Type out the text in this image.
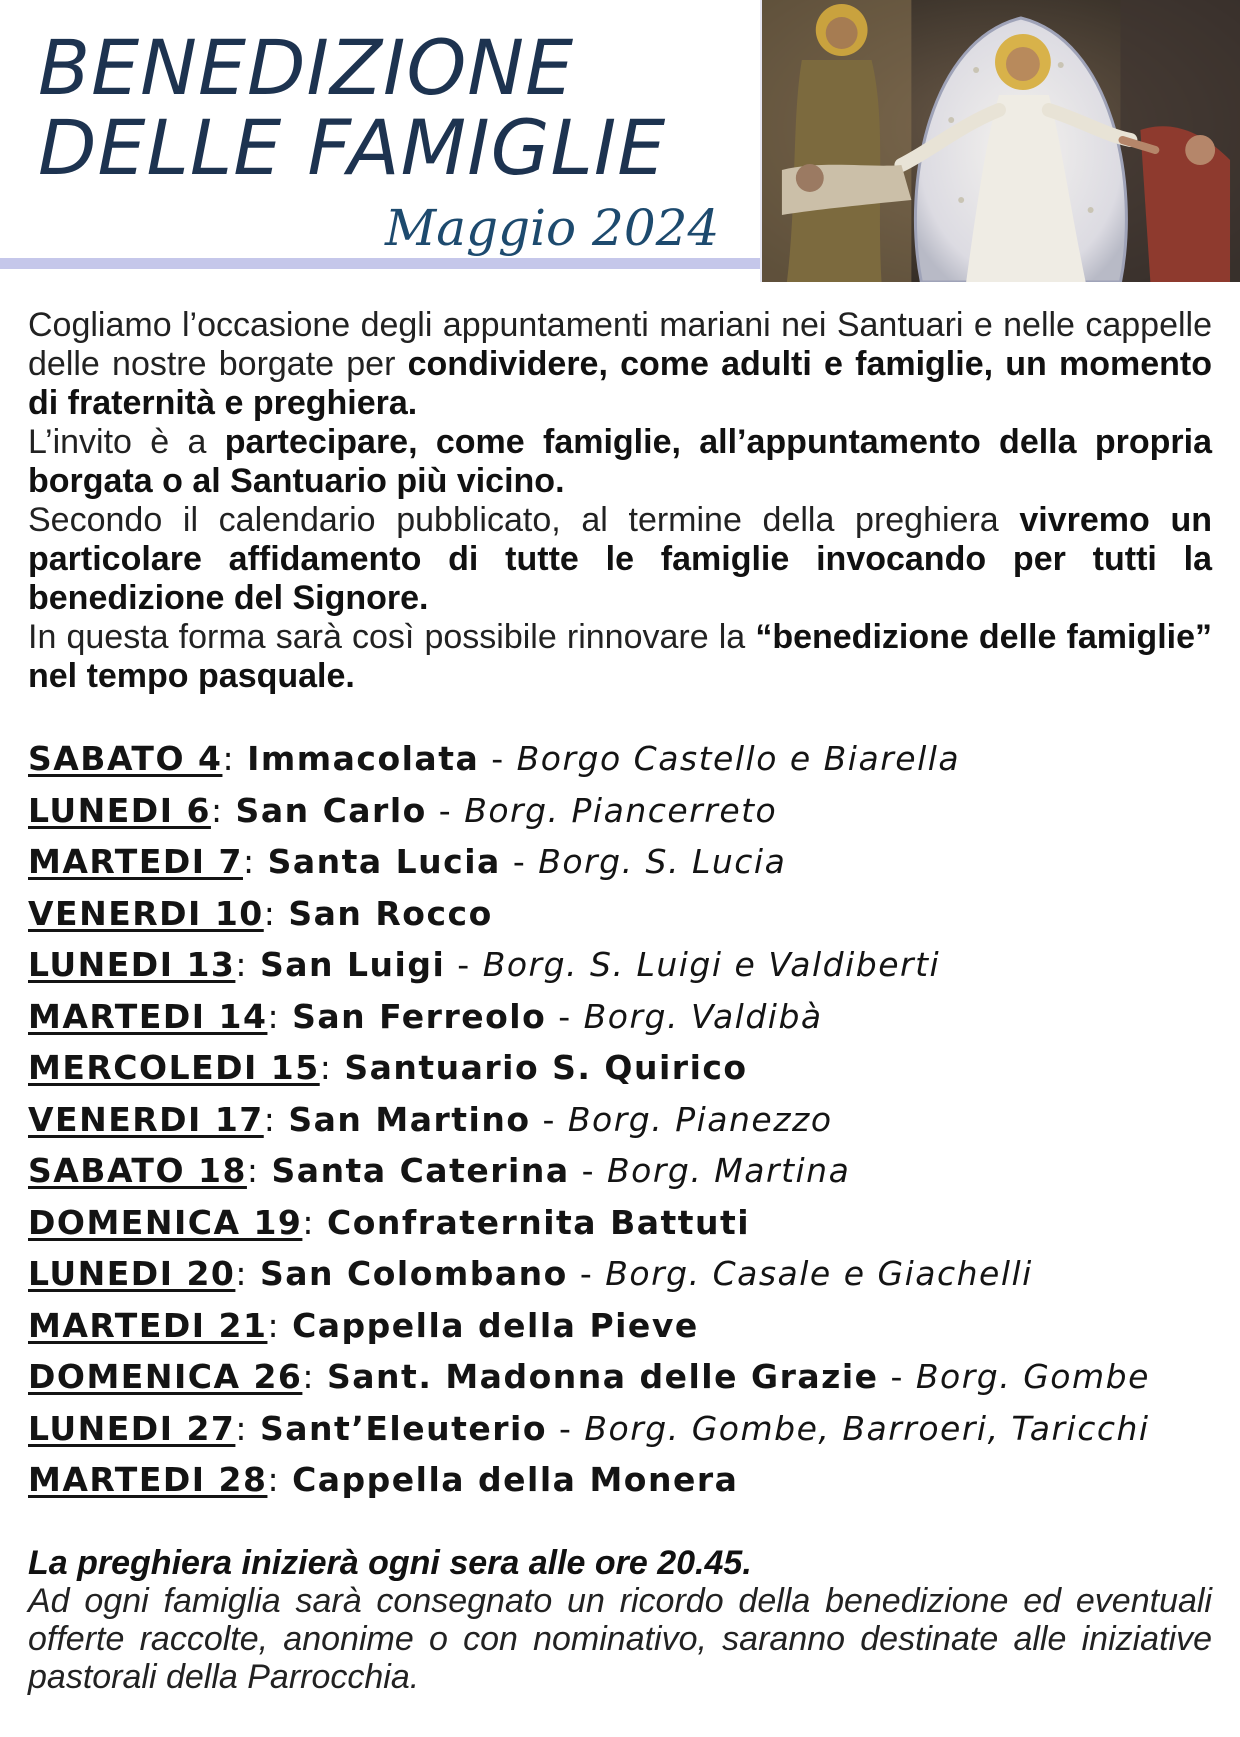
BENEDIZIONE
DELLE FAMIGLIE
Maggio 2024

Cogliamo l’occasione degli appuntamenti mariani nei Santuari e nelle cappelle delle nostre borgate per condividere, come adulti e famiglie, un momento di fraternità e preghiera.

L’invito è a partecipare, come famiglie, all’appuntamento della propria borgata o al Santuario più vicino.

Secondo il calendario pubblicato, al termine della preghiera vivremo un particolare affidamento di tutte le famiglie invocando per tutti la benedizione del Signore.

In questa forma sarà così possibile rinnovare la “benedizione delle famiglie” nel tempo pasquale.

SABATO 4: Immacolata - Borgo Castello e Biarella
LUNEDI 6: San Carlo - Borg. Piancerreto
MARTEDI 7: Santa Lucia - Borg. S. Lucia
VENERDI 10: San Rocco
LUNEDI 13: San Luigi - Borg. S. Luigi e Valdiberti
MARTEDI 14: San Ferreolo - Borg. Valdibà
MERCOLEDI 15: Santuario S. Quirico
VENERDI 17: San Martino - Borg. Pianezzo
SABATO 18: Santa Caterina - Borg. Martina
DOMENICA 19: Confraternita Battuti
LUNEDI 20: San Colombano - Borg. Casale e Giachelli
MARTEDI 21: Cappella della Pieve
DOMENICA 26: Sant. Madonna delle Grazie - Borg. Gombe
LUNEDI 27: Sant’Eleuterio - Borg. Gombe, Barroeri, Taricchi
MARTEDI 28: Cappella della Monera
La preghiera inizierà ogni sera alle ore 20.45.

Ad ogni famiglia sarà consegnato un ricordo della benedizione ed eventuali offerte raccolte, anonime o con nominativo, saranno destinate alle iniziative pastorali della Parrocchia.
